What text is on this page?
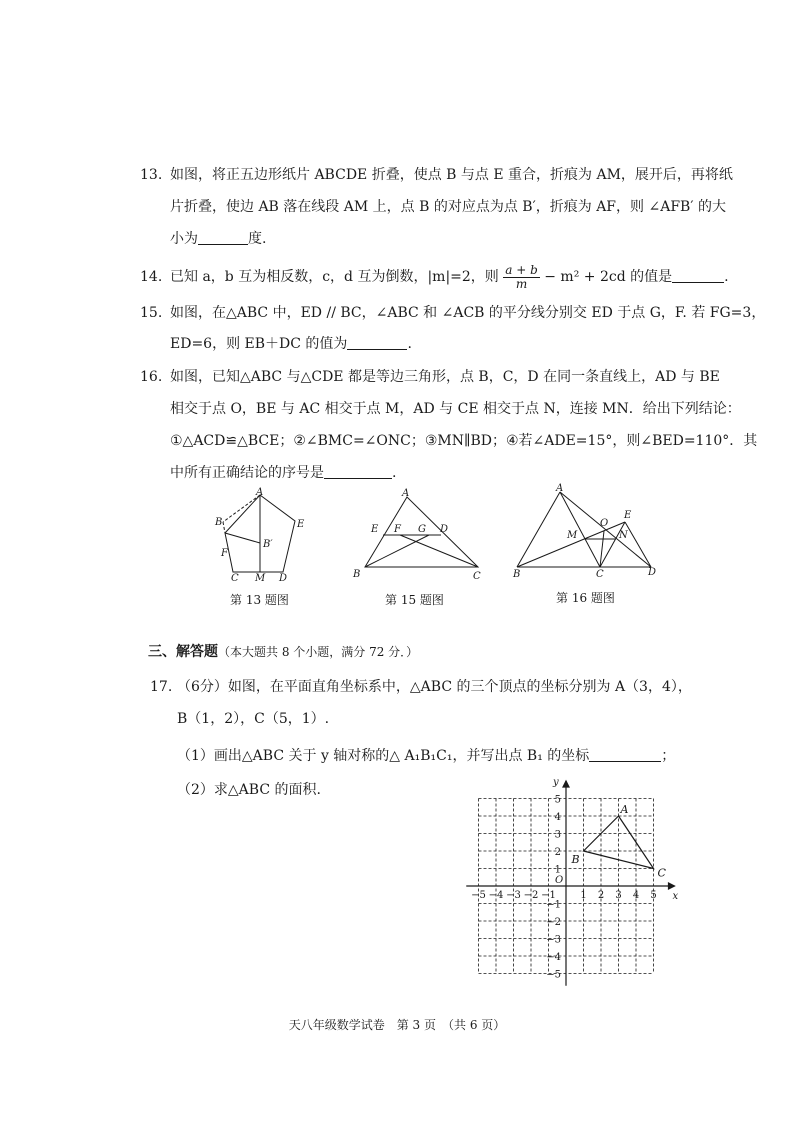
13. 如图，将正五边形纸片 ABCDE 折叠，使点 B 与点 E 重合，折痕为 AM，展开后，再将纸
片折叠，使边 AB 落在线段 AM 上，点 B 的对应点为点 B′，折痕为 AF，则 ∠AFB′ 的大
小为	度.
14. 已知 a，b 互为相反数，c，d 互为倒数，|m|=2，则 $\frac{a + b}{m} - m^2 + 2cd$ 的值是	.
15. 如图，在△ABC 中，ED // BC，∠ABC 和 ∠ACB 的平分线分别交 ED 于点 G，F. 若 FG=3，
ED=6，则 EB＋DC 的值为	.
16. 如图，已知△ABC 与△CDE 都是等边三角形，点 B，C，D 在同一条直线上，AD 与 BE
相交于点 O，BE 与 AC 相交于点 M，AD 与 CE 相交于点 N，连接 MN．给出下列结论：
①△ACD≌△BCE；②∠BMC=∠ONC；③MN∥BD；④若∠ADE=15°，则∠BED=110°．其
中所有正确结论的序号是	.
A
B
B′
E
F
C M D
第 13 题图
A
E F G D
B	C
第 15 题图
A
E
O
M	N
B	C	D
第 16 题图
三、解答题（本大题共 8 个小题，满分 72 分．）
17. （6分）如图，在平面直角坐标系中，△ABC 的三个顶点的坐标分别为 A（3，4），
B（1，2），C（5，1）.
（1）画出△ABC 关于 y 轴对称的△ A₁B₁C₁，并写出点 B₁ 的坐标	；
（2）求△ABC 的面积.
−5 −4 −3 −2 −1 1 2 3 4 5
5
4
3
2
1
−1
−2
−3
−4
−5
O
x
y
A
B
C
天八年级数学试卷　第 3 页　（共 6 页）
